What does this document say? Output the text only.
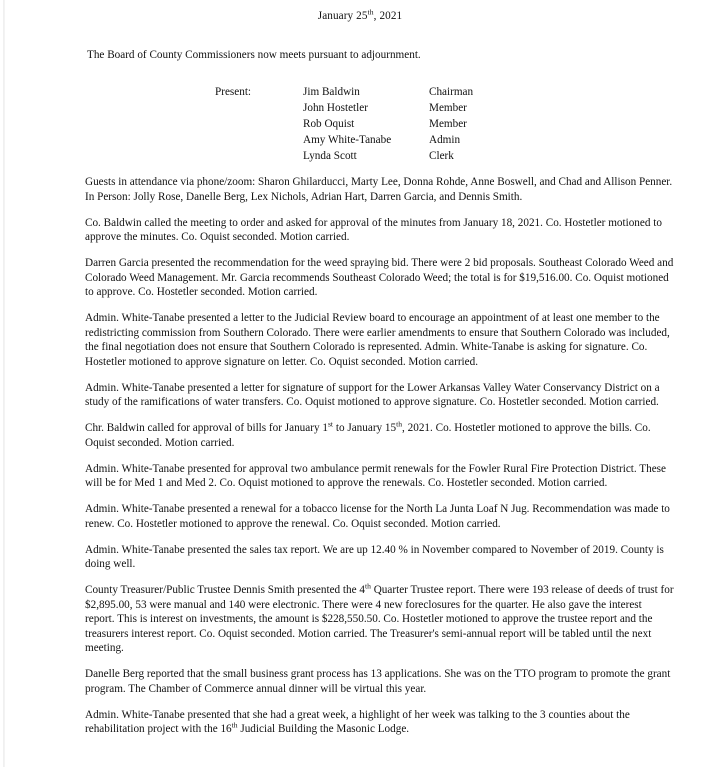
January 25th, 2021

The Board of County Commissioners now meets pursuant to adjournment.

Present:	Jim Baldwin	Chairman
	John Hostetler	Member
	Rob Oquist	Member
	Amy White-Tanabe	Admin
	Lynda Scott	Clerk

Guests in attendance via phone/zoom: Sharon Ghilarducci, Marty Lee, Donna Rohde, Anne Boswell, and Chad and Allison Penner.

In Person: Jolly Rose, Danelle Berg, Lex Nichols, Adrian Hart, Darren Garcia, and Dennis Smith.

Co. Baldwin called the meeting to order and asked for approval of the minutes from January 18, 2021. Co. Hostetler motioned to approve the minutes. Co. Oquist seconded. Motion carried.

Darren Garcia presented the recommendation for the weed spraying bid. There were 2 bid proposals. Southeast Colorado Weed and Colorado Weed Management. Mr. Garcia recommends Southeast Colorado Weed; the total is for $19,516.00. Co. Oquist motioned to approve. Co. Hostetler seconded. Motion carried.

Admin. White-Tanabe presented a letter to the Judicial Review board to encourage an appointment of at least one member to the redistricting commission from Southern Colorado. There were earlier amendments to ensure that Southern Colorado was included, the final negotiation does not ensure that Southern Colorado is represented. Admin. White-Tanabe is asking for signature. Co. Hostetler motioned to approve signature on letter. Co. Oquist seconded. Motion carried.

Admin. White-Tanabe presented a letter for signature of support for the Lower Arkansas Valley Water Conservancy District on a study of the ramifications of water transfers. Co. Oquist motioned to approve signature. Co. Hostetler seconded. Motion carried.

Chr. Baldwin called for approval of bills for January 1st to January 15th, 2021. Co. Hostetler motioned to approve the bills. Co. Oquist seconded. Motion carried.

Admin. White-Tanabe presented for approval two ambulance permit renewals for the Fowler Rural Fire Protection District. These will be for Med 1 and Med 2. Co. Oquist motioned to approve the renewals. Co. Hostetler seconded. Motion carried.

Admin. White-Tanabe presented a renewal for a tobacco license for the North La Junta Loaf N Jug. Recommendation was made to renew. Co. Hostetler motioned to approve the renewal. Co. Oquist seconded. Motion carried.

Admin. White-Tanabe presented the sales tax report. We are up 12.40 % in November compared to November of 2019. County is doing well.

County Treasurer/Public Trustee Dennis Smith presented the 4th Quarter Trustee report. There were 193 release of deeds of trust for $2,895.00, 53 were manual and 140 were electronic. There were 4 new foreclosures for the quarter. He also gave the interest report. This is interest on investments, the amount is $228,550.50. Co. Hostetler motioned to approve the trustee report and the treasurers interest report. Co. Oquist seconded. Motion carried. The Treasurer's semi-annual report will be tabled until the next meeting.

Danelle Berg reported that the small business grant process has 13 applications. She was on the TTO program to promote the grant program. The Chamber of Commerce annual dinner will be virtual this year.

Admin. White-Tanabe presented that she had a great week, a highlight of her week was talking to the 3 counties about the rehabilitation project with the 16th Judicial Building the Masonic Lodge.
